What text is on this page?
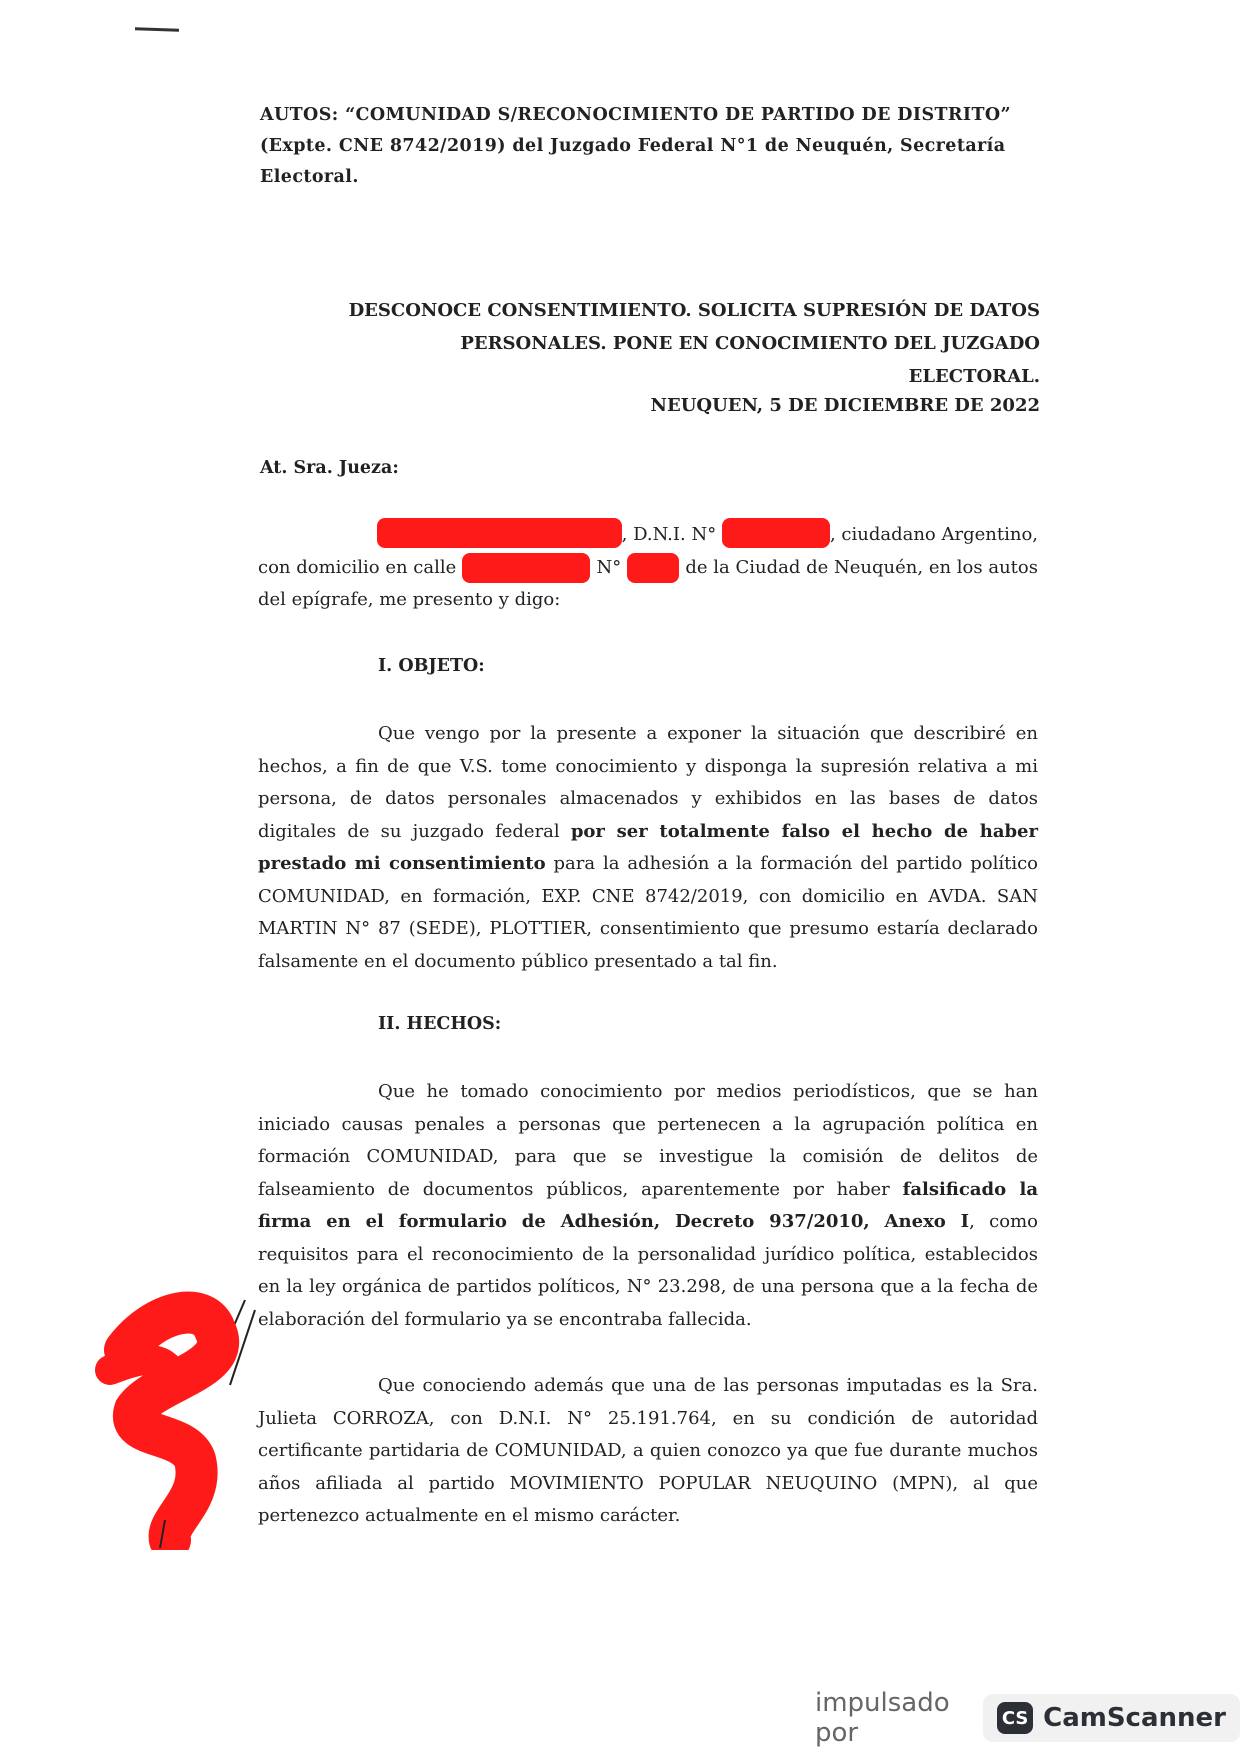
AUTOS: “COMUNIDAD S/RECONOCIMIENTO DE PARTIDO DE DISTRITO”
(Expte. CNE 8742/2019) del Juzgado Federal N°1 de Neuquén, Secretaría
Electoral.
DESCONOCE CONSENTIMIENTO. SOLICITA SUPRESIÓN DE DATOS
PERSONALES. PONE EN CONOCIMIENTO DEL JUZGADO ELECTORAL.
NEUQUEN, 5 DE DICIEMBRE DE 2022
At. Sra. Jueza:
, D.N.I. N°	, ciudadano Argentino,
con domicilio en calle	N°	de la Ciudad de Neuquén, en los autos
del epígrafe, me presento y digo:
I. OBJETO:
Que vengo por la presente a exponer la situación que describiré en hechos, a fin de que V.S. tome conocimiento y disponga la supresión relativa a mi persona, de datos personales almacenados y exhibidos en las bases de datos digitales de su juzgado federal por ser totalmente falso el hecho de haber prestado mi consentimiento para la adhesión a la formación del partido político COMUNIDAD, en formación, EXP. CNE 8742/2019, con domicilio en AVDA. SAN MARTIN N° 87 (SEDE), PLOTTIER, consentimiento que presumo estaría declarado falsamente en el documento público presentado a tal fin.
II. HECHOS:
Que he tomado conocimiento por medios periodísticos, que se han iniciado causas penales a personas que pertenecen a la agrupación política en formación COMUNIDAD, para que se investigue la comisión de delitos de falseamiento de documentos públicos, aparentemente por haber falsificado la firma en el formulario de Adhesión, Decreto 937/2010, Anexo I, como requisitos para el reconocimiento de la personalidad jurídico política, establecidos en la ley orgánica de partidos políticos, N° 23.298, de una persona que a la fecha de elaboración del formulario ya se encontraba fallecida.
Que conociendo además que una de las personas imputadas es la Sra. Julieta CORROZA, con D.N.I. N° 25.191.764, en su condición de autoridad certificante partidaria de COMUNIDAD, a quien conozco ya que fue durante muchos años afiliada al partido MOVIMIENTO POPULAR NEUQUINO (MPN), al que pertenezco actualmente en el mismo carácter.
impulsado por	CS CamScanner
